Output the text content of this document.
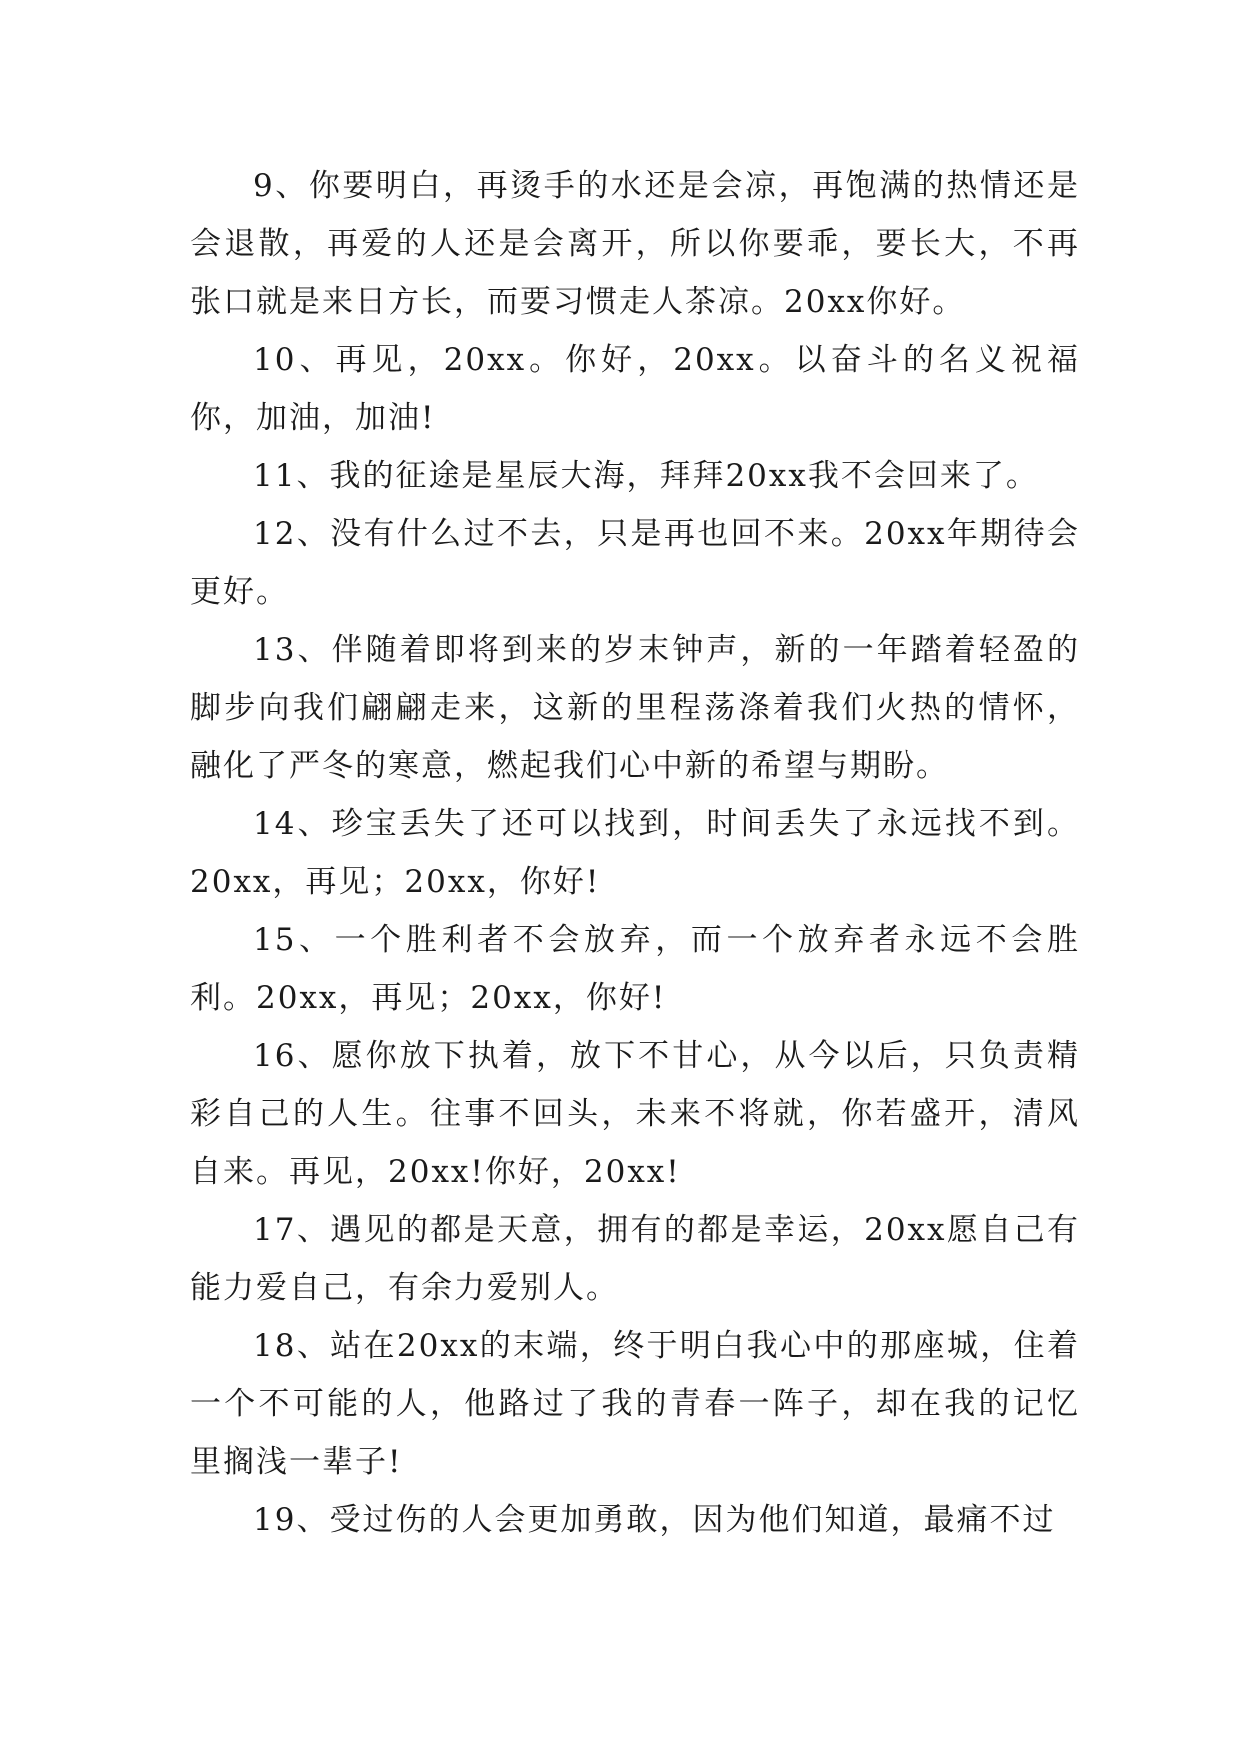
9、你要明白，再烫手的水还是会凉，再饱满的热情还是会退散，再爱的人还是会离开，所以你要乖，要长大，不再张口就是来日方长，而要习惯走人茶凉。20xx你好。

10、再见，20xx。你好，20xx。以奋斗的名义祝福你，加油，加油!

11、我的征途是星辰大海，拜拜20xx我不会回来了。

12、没有什么过不去，只是再也回不来。20xx年期待会更好。

13、伴随着即将到来的岁末钟声，新的一年踏着轻盈的脚步向我们翩翩走来，这新的里程荡涤着我们火热的情怀，融化了严冬的寒意，燃起我们心中新的希望与期盼。

14、珍宝丢失了还可以找到，时间丢失了永远找不到。20xx，再见；20xx，你好!

15、一个胜利者不会放弃，而一个放弃者永远不会胜利。20xx，再见；20xx，你好!

16、愿你放下执着，放下不甘心，从今以后，只负责精彩自己的人生。往事不回头，未来不将就，你若盛开，清风自来。再见，20xx!你好，20xx!

17、遇见的都是天意，拥有的都是幸运，20xx愿自己有能力爱自己，有余力爱别人。

18、站在20xx的末端，终于明白我心中的那座城，住着一个不可能的人，他路过了我的青春一阵子，却在我的记忆里搁浅一辈子!

19、受过伤的人会更加勇敢，因为他们知道，最痛不过
